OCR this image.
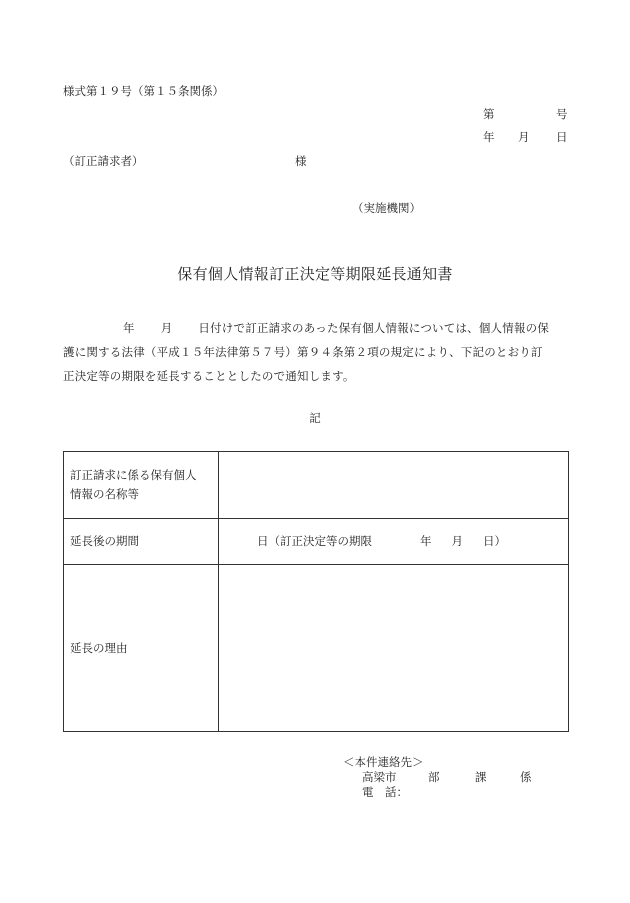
様式第１９号（第１５条関係）
第	号
年 月 日
（訂正請求者）	様
（実施機関）
保有個人情報訂正決定等期限延長通知書
年 月 日付けで訂正請求のあった保有個人情報については、個人情報の保
護に関する法律（平成１５年法律第５７号）第９４条第２項の規定により、下記のとおり訂
正決定等の期限を延長することとしたので通知します。
記
訂正請求に係る保有個人
情報の名称等	

延長後の期間	日（訂正決定等の期限 年 月 日）
延長の理由	
＜本件連絡先＞
高梁市	部	課	係
電　話：
